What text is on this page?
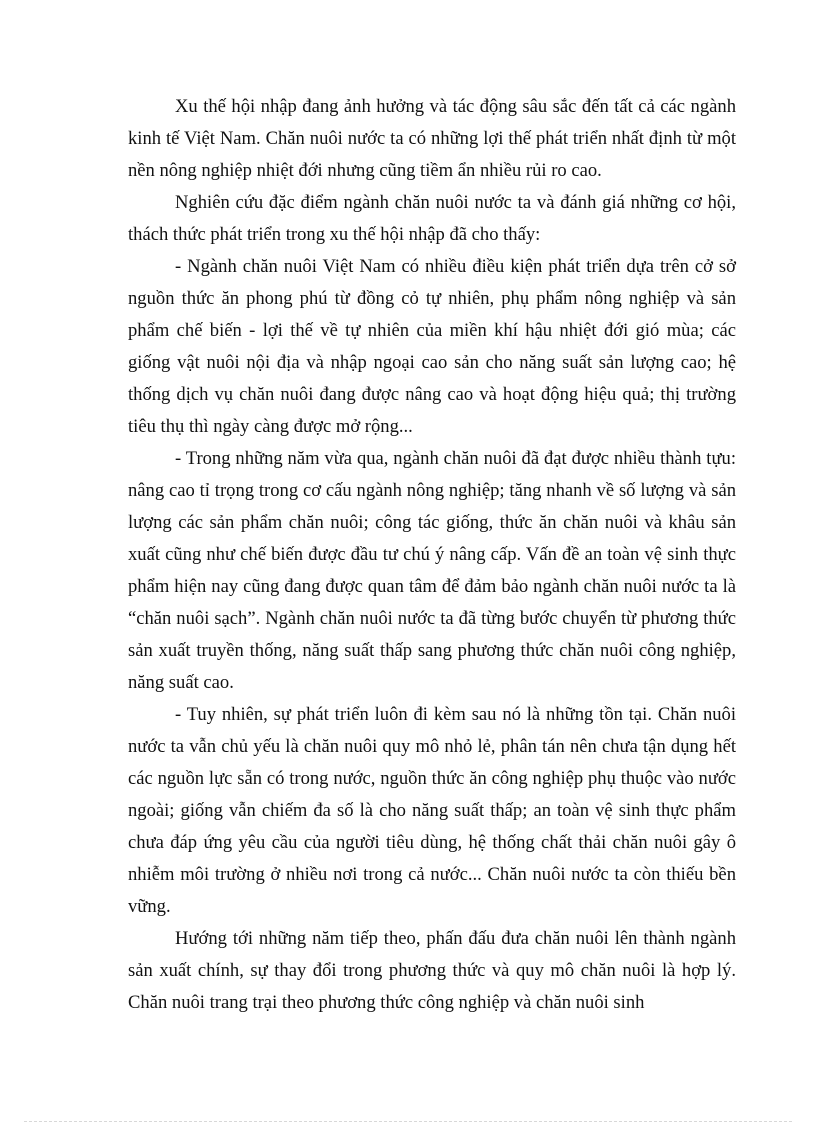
Xu thế hội nhập đang ảnh hưởng và tác động sâu sắc đến tất cả các ngành kinh tế Việt Nam. Chăn nuôi nước ta có những lợi thế phát triển nhất định từ một nền nông nghiệp nhiệt đới nhưng cũng tiềm ẩn nhiều rủi ro cao.

Nghiên cứu đặc điểm ngành chăn nuôi nước ta và đánh giá những cơ hội, thách thức phát triển trong xu thế hội nhập đã cho thấy:

- Ngành chăn nuôi Việt Nam có nhiều điều kiện phát triển dựa trên cở sở nguồn thức ăn phong phú từ đồng cỏ tự nhiên, phụ phẩm nông nghiệp và sản phẩm chế biến - lợi thế về tự nhiên của miền khí hậu nhiệt đới gió mùa; các giống vật nuôi nội địa và nhập ngoại cao sản cho năng suất sản lượng cao; hệ thống dịch vụ chăn nuôi đang được nâng cao và hoạt động hiệu quả; thị trường tiêu thụ thì ngày càng được mở rộng...

- Trong những năm vừa qua, ngành chăn nuôi đã đạt được nhiều thành tựu: nâng cao tỉ trọng trong cơ cấu ngành nông nghiệp; tăng nhanh về số lượng và sản lượng các sản phẩm chăn nuôi; công tác giống, thức ăn chăn nuôi và khâu sản xuất cũng như chế biến được đầu tư chú ý nâng cấp. Vấn đề an toàn vệ sinh thực phẩm hiện nay cũng đang được quan tâm để đảm bảo ngành chăn nuôi nước ta là “chăn nuôi sạch”. Ngành chăn nuôi nước ta đã từng bước chuyển từ phương thức sản xuất truyền thống, năng suất thấp sang phương thức chăn nuôi công nghiệp, năng suất cao.

- Tuy nhiên, sự phát triển luôn đi kèm sau nó là những tồn tại. Chăn nuôi nước ta vẫn chủ yếu là chăn nuôi quy mô nhỏ lẻ, phân tán nên chưa tận dụng hết các nguồn lực sẵn có trong nước, nguồn thức ăn công nghiệp phụ thuộc vào nước ngoài; giống vẫn chiếm đa số là cho năng suất thấp; an toàn vệ sinh thực phẩm chưa đáp ứng yêu cầu của người tiêu dùng, hệ thống chất thải chăn nuôi gây ô nhiễm môi trường ở nhiều nơi trong cả nước... Chăn nuôi nước ta còn thiếu bền vững.

Hướng tới những năm tiếp theo, phấn đấu đưa chăn nuôi lên thành ngành sản xuất chính, sự thay đổi trong phương thức và quy mô chăn nuôi là hợp lý. Chăn nuôi trang trại theo phương thức công nghiệp và chăn nuôi sinh
